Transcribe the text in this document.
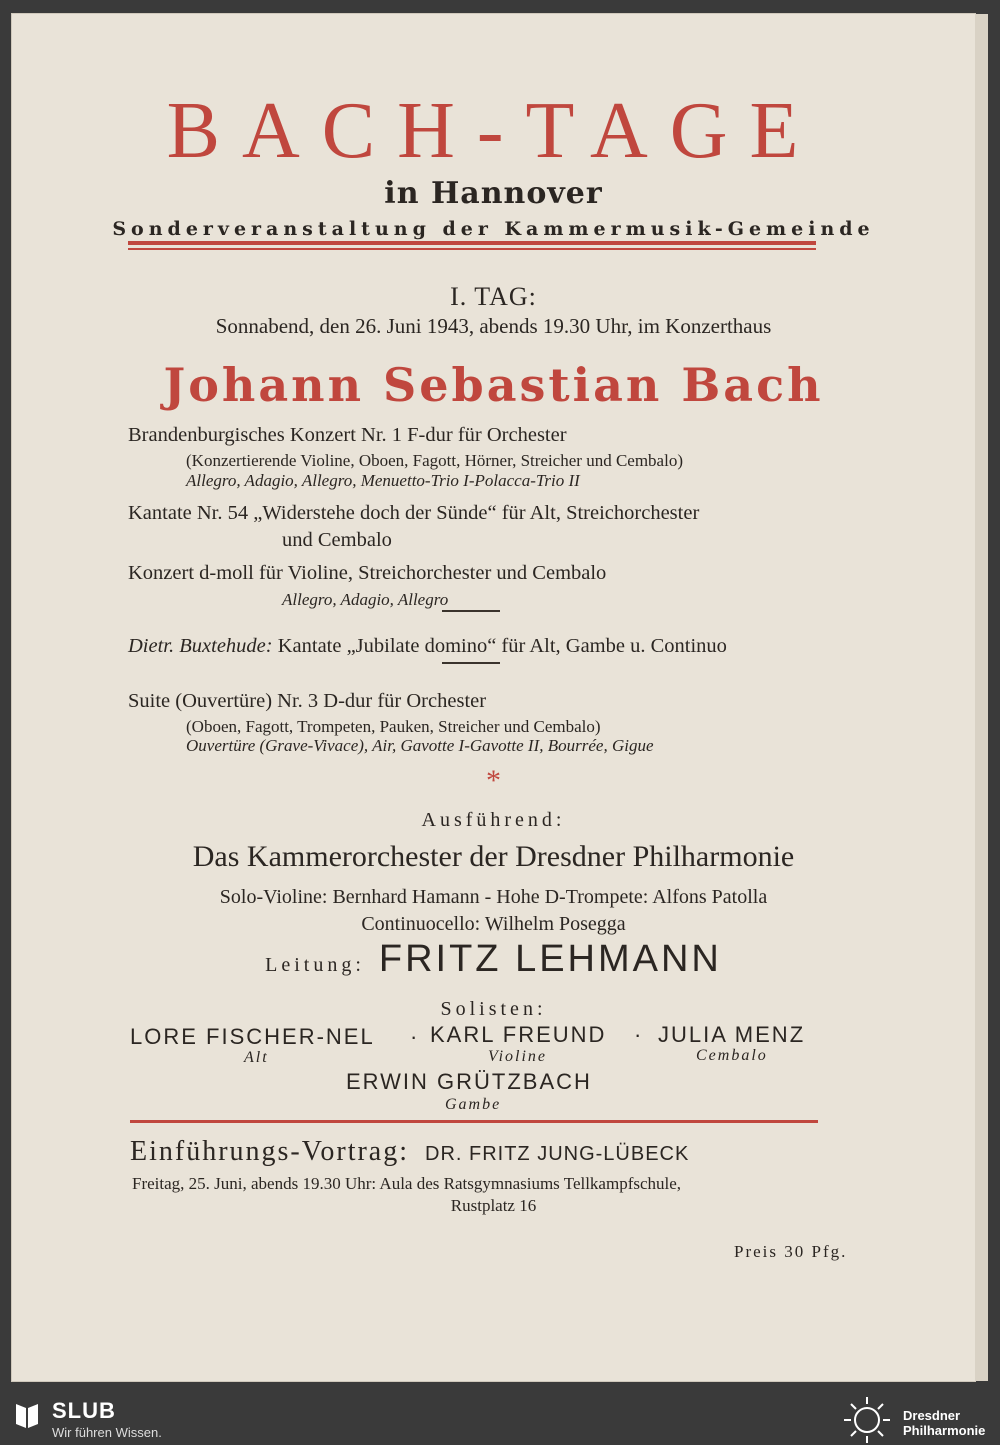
BACH-TAGE
in Hannover
Sonderveranstaltung der Kammermusik-Gemeinde
I. TAG:
Sonnabend, den 26. Juni 1943, abends 19.30 Uhr, im Konzerthaus
Johann Sebastian Bach
Brandenburgisches Konzert Nr. 1 F-dur für Orchester
(Konzertierende Violine, Oboen, Fagott, Hörner, Streicher und Cembalo)
Allegro, Adagio, Allegro, Menuetto-Trio I-Polacca-Trio II
Kantate Nr. 54 „Widerstehe doch der Sünde“ für Alt, Streichorchester
und Cembalo
Konzert d-moll für Violine, Streichorchester und Cembalo
Allegro, Adagio, Allegro
Dietr. Buxtehude: Kantate „Jubilate domino“ für Alt, Gambe u. Continuo
Suite (Ouvertüre) Nr. 3 D-dur für Orchester
(Oboen, Fagott, Trompeten, Pauken, Streicher und Cembalo)
Ouvertüre (Grave-Vivace), Air, Gavotte I-Gavotte II, Bourrée, Gigue
*
Ausführend:
Das Kammerorchester der Dresdner Philharmonie
Solo-Violine: Bernhard Hamann - Hohe D-Trompete: Alfons Patolla
Continuocello: Wilhelm Posegga
Leitung: FRITZ LEHMANN
Solisten:
LORE FISCHER-NEL · KARL FREUND · JULIA MENZ
Alt	Violine	Cembalo
ERWIN GRÜTZBACH
Gambe
Einführungs-Vortrag: DR. FRITZ JUNG-LÜBECK
Freitag, 25. Juni, abends 19.30 Uhr: Aula des Ratsgymnasiums Tellkampfschule,
Rustplatz 16
Preis 30 Pfg.
SLUB
Wir führen Wissen.
Dresdner
Philharmonie
